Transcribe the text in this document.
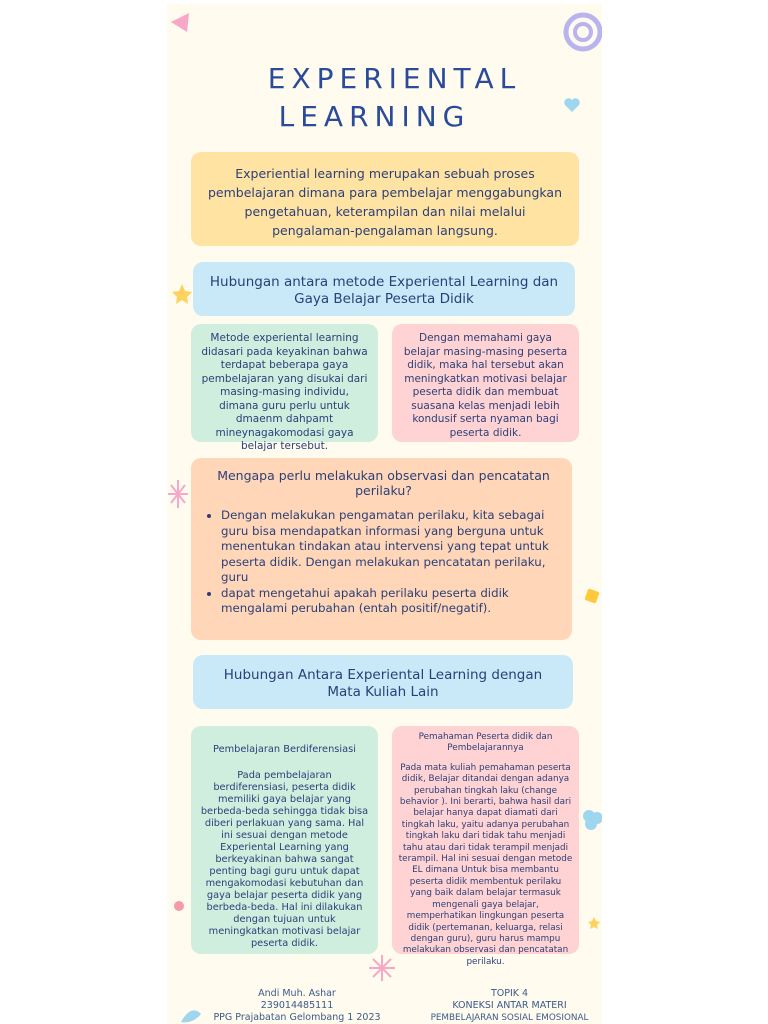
EXPERIENTAL
LEARNING
Experiential learning merupakan sebuah proses pembelajaran dimana para pembelajar menggabungkan pengetahuan, keterampilan dan nilai melalui pengalaman-pengalaman langsung.
Hubungan antara metode Experiental Learning dan Gaya Belajar Peserta Didik
Metode experiental learning didasari pada keyakinan bahwa terdapat beberapa gaya pembelajaran yang disukai dari masing-masing individu, dimana guru perlu untuk dmaenm dahpamt mineynagakomodasi gaya belajar tersebut.
Dengan memahami gaya belajar masing-masing peserta didik, maka hal tersebut akan meningkatkan motivasi belajar peserta didik dan membuat suasana kelas menjadi lebih kondusif serta nyaman bagi peserta didik.
Mengapa perlu melakukan observasi dan pencatatan perilaku?
• Dengan melakukan pengamatan perilaku, kita sebagai guru bisa mendapatkan informasi yang berguna untuk menentukan tindakan atau intervensi yang tepat untuk peserta didik. Dengan melakukan pencatatan perilaku, guru
• dapat mengetahui apakah perilaku peserta didik mengalami perubahan (entah positif/negatif).
Hubungan Antara Experiental Learning dengan Mata Kuliah Lain
Pembelajaran Berdiferensiasi
Pada pembelajaran berdiferensiasi, peserta didik memiliki gaya belajar yang berbeda-beda sehingga tidak bisa diberi perlakuan yang sama. Hal ini sesuai dengan metode Experiental Learning yang berkeyakinan bahwa sangat penting bagi guru untuk dapat mengakomodasi kebutuhan dan gaya belajar peserta didik yang berbeda-beda. Hal ini dilakukan dengan tujuan untuk meningkatkan motivasi belajar peserta didik.
Pemahaman Peserta didik dan Pembelajarannya
Pada mata kuliah pemahaman peserta didik, Belajar ditandai dengan adanya perubahan tingkah laku (change behavior ). Ini berarti, bahwa hasil dari belajar hanya dapat diamati dari tingkah laku, yaitu adanya perubahan tingkah laku dari tidak tahu menjadi tahu atau dari tidak terampil menjadi terampil. Hal ini sesuai dengan metode EL dimana Untuk bisa membantu peserta didik membentuk perilaku yang baik dalam belajar termasuk mengenali gaya belajar, memperhatikan lingkungan peserta didik (pertemanan, keluarga, relasi dengan guru), guru harus mampu melakukan observasi dan pencatatan perilaku.
Andi Muh. Ashar
239014485111
PPG Prajabatan Gelombang 1 2023
TOPIK 4
KONEKSI ANTAR MATERI
PEMBELAJARAN SOSIAL EMOSIONAL
